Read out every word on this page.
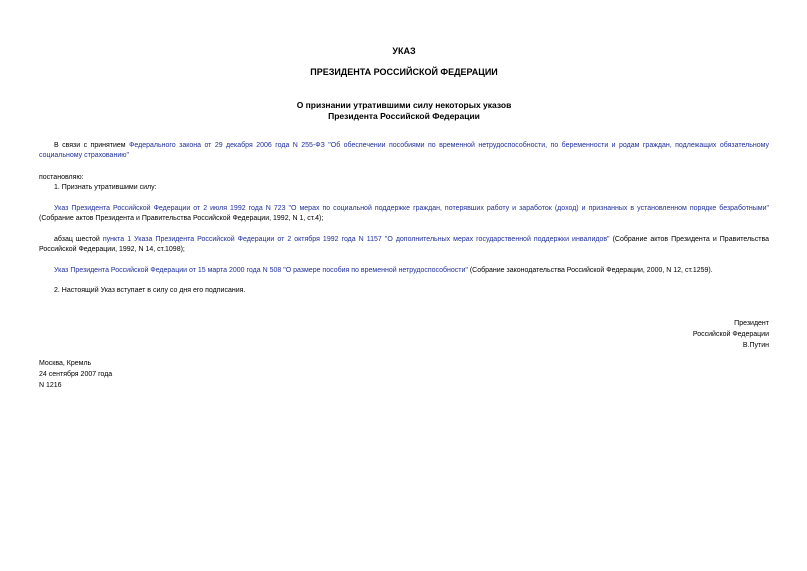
УКАЗ
ПРЕЗИДЕНТА РОССИЙСКОЙ ФЕДЕРАЦИИ
О признании утратившими силу некоторых указов
Президента Российской Федерации
В связи с принятием Федерального закона от 29 декабря 2006 года N 255-ФЗ "Об обеспечении пособиями по временной нетрудоспособности, по беременности и родам граждан, подлежащих обязательному социальному страхованию"
постановляю:
1. Признать утратившими силу:
Указ Президента Российской Федерации от 2 июля 1992 года N 723 "О мерах по социальной поддержке граждан, потерявших работу и заработок (доход) и признанных в установленном порядке безработными" (Собрание актов Президента и Правительства Российской Федерации, 1992, N 1, ст.4);
абзац шестой пункта 1 Указа Президента Российской Федерации от 2 октября 1992 года N 1157 "О дополнительных мерах государственной поддержки инвалидов" (Собрание актов Президента и Правительства Российской Федерации, 1992, N 14, ст.1098);
Указ Президента Российской Федерации от 15 марта 2000 года N 508 "О размере пособия по временной нетрудоспособности" (Собрание законодательства Российской Федерации, 2000, N 12, ст.1259).
2. Настоящий Указ вступает в силу со дня его подписания.
Президент
Российской Федерации
В.Путин
Москва, Кремль
24 сентября 2007 года
N 1216
